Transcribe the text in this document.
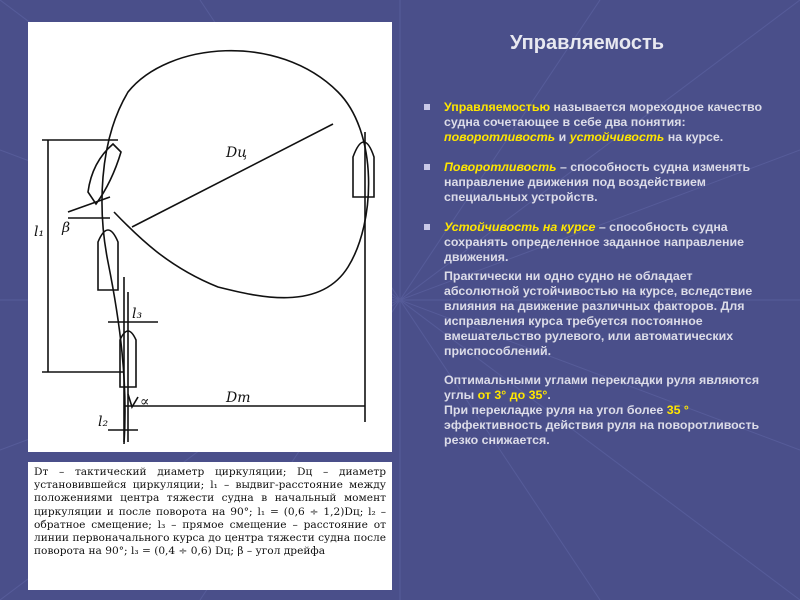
Dц
Dт
l₁
l₂
l₃
β
∝

Dт – тактический диаметр циркуляции; Dц – диаметр установившейся циркуляции; l₁ – выдвиг-расстояние между положениями центра тяжести судна в начальный момент циркуляции и после поворота на 90°; l₁ = (0,6 ÷ 1,2)Dц; l₂ – обратное смещение; l₃ – прямое смещение – расстояние от линии первоначального курса до центра тяжести судна после поворота на 90°; l₃ = (0,4 ÷ 0,6) Dц; β – угол дрейфа

Управляемость
Управляемостью называется мореходное качество судна сочетающее в себе два понятия: поворотливость и устойчивость на курсе.
Поворотливость – способность судна изменять направление движения под воздействием специальных устройств.
Устойчивость на курсе – способность судна сохранять определенное заданное направление движения.

Практически ни одно судно не обладает абсолютной устойчивостью на курсе, вследствие влияния на движение различных факторов. Для исправления курса требуется постоянное вмешательство рулевого, или автоматических приспособлений.

Оптимальными углами перекладки руля являются углы от 3° до 35°.

При перекладке руля на угол более 35 ° эффективность действия руля на поворотливость резко снижается.
